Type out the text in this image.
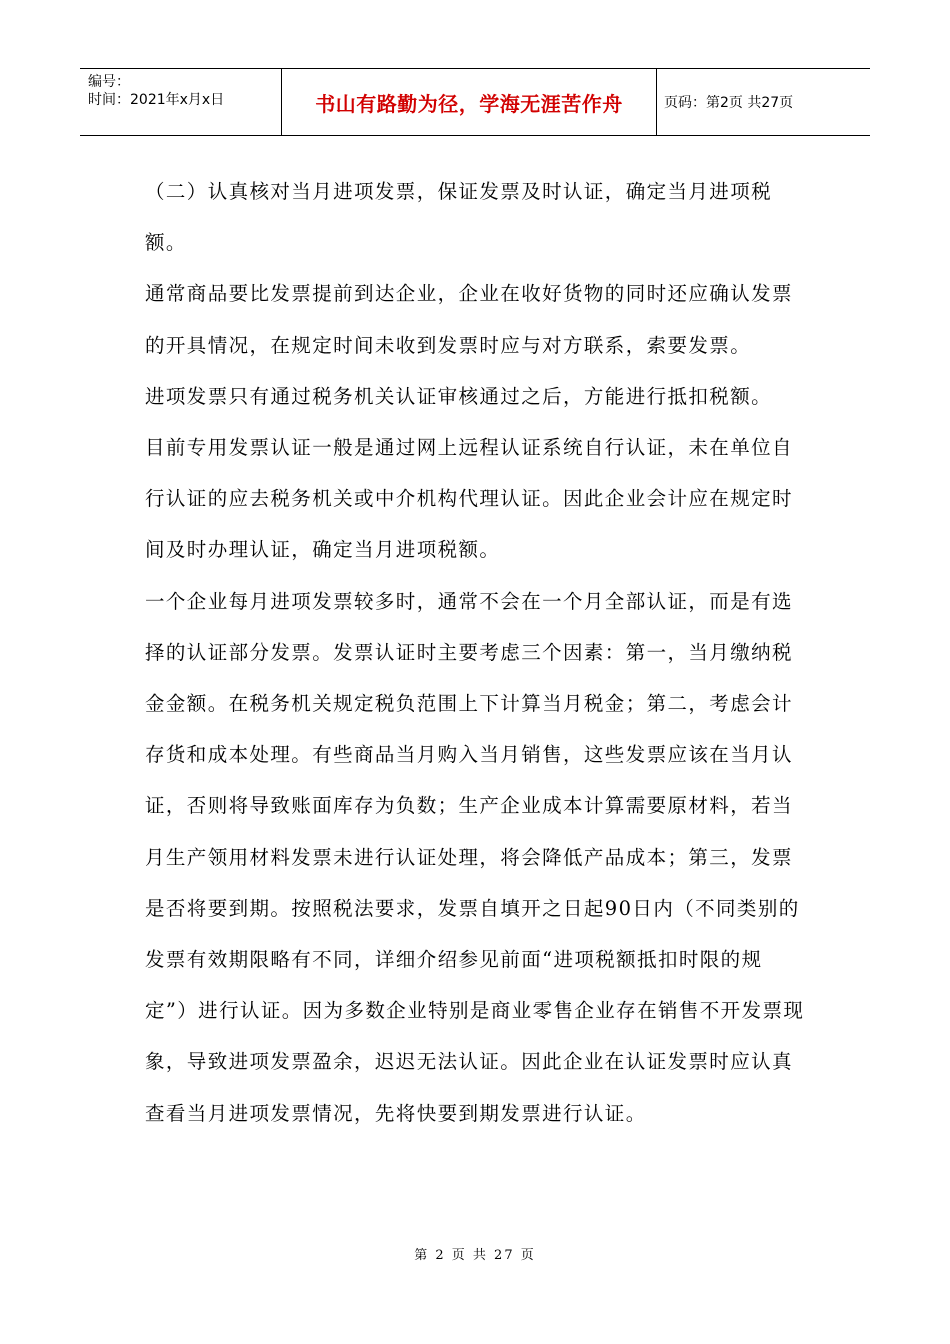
编号：
时间：2021年x月x日	书山有路勤为径，学海无涯苦作舟	页码：第2页 共27页

（二）认真核对当月进项发票，保证发票及时认证，确定当月进项税额。

通常商品要比发票提前到达企业，企业在收好货物的同时还应确认发票的开具情况，在规定时间未收到发票时应与对方联系，索要发票。

进项发票只有通过税务机关认证审核通过之后，方能进行抵扣税额。

目前专用发票认证一般是通过网上远程认证系统自行认证，未在单位自行认证的应去税务机关或中介机构代理认证。因此企业会计应在规定时间及时办理认证，确定当月进项税额。

一个企业每月进项发票较多时，通常不会在一个月全部认证，而是有选择的认证部分发票。发票认证时主要考虑三个因素：第一，当月缴纳税金金额。在税务机关规定税负范围上下计算当月税金；第二，考虑会计存货和成本处理。有些商品当月购入当月销售，这些发票应该在当月认证，否则将导致账面库存为负数；生产企业成本计算需要原材料，若当月生产领用材料发票未进行认证处理，将会降低产品成本；第三，发票是否将要到期。按照税法要求，发票自填开之日起90日内（不同类别的发票有效期限略有不同，详细介绍参见前面“进项税额抵扣时限的规定”）进行认证。因为多数企业特别是商业零售企业存在销售不开发票现象，导致进项发票盈余，迟迟无法认证。因此企业在认证发票时应认真查看当月进项发票情况，先将快要到期发票进行认证。

第 2 页 共 27 页
